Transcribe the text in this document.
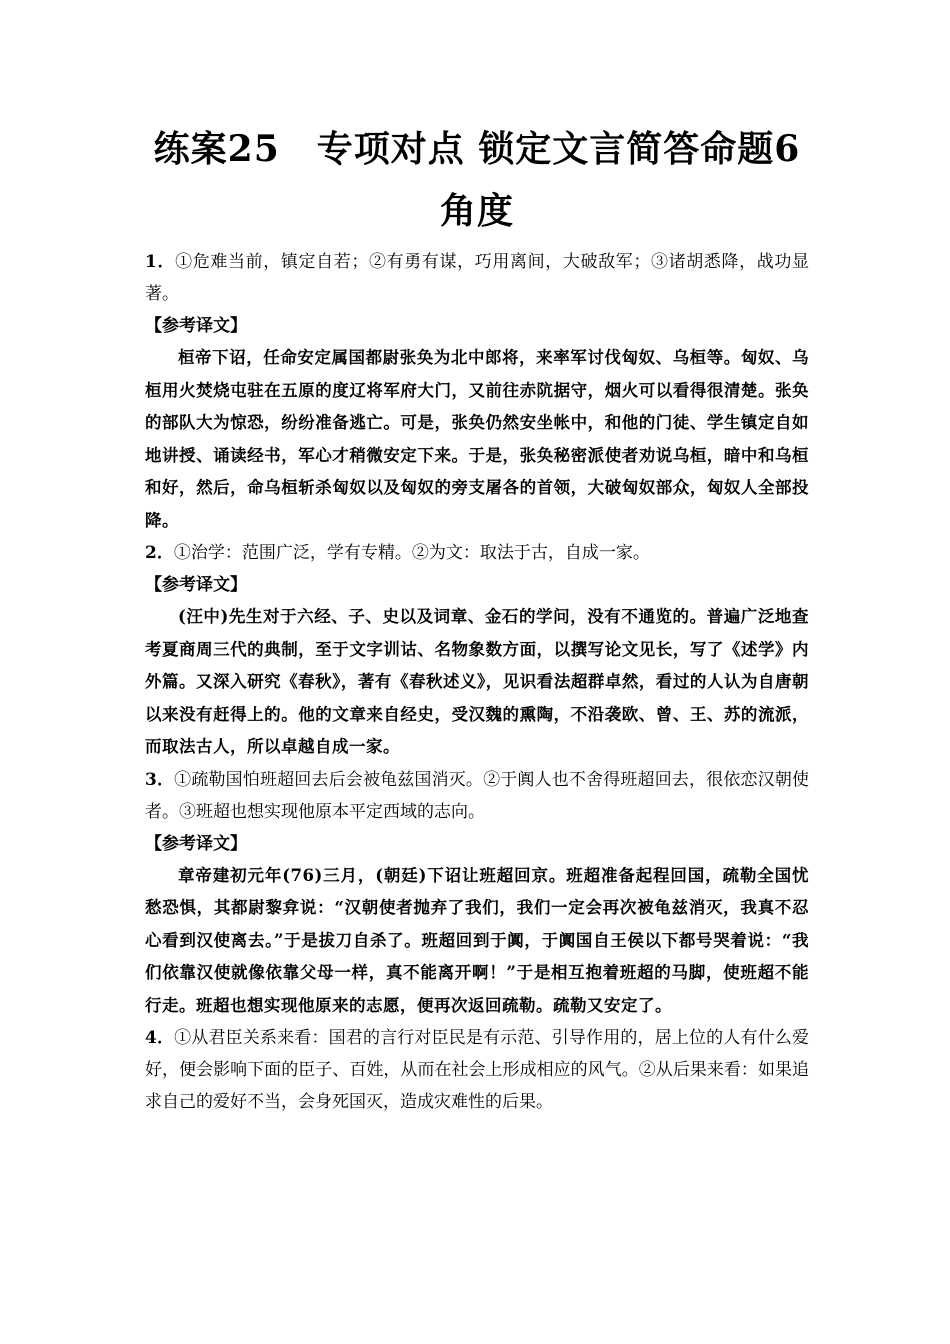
练案25　专项对点 锁定文言简答命题6角度

1．①危难当前，镇定自若；②有勇有谋，巧用离间，大破敌军；③诸胡悉降，战功显著。

【参考译文】

桓帝下诏，任命安定属国都尉张奂为北中郎将，来率军讨伐匈奴、乌桓等。匈奴、乌桓用火焚烧屯驻在五原的度辽将军府大门，又前往赤阬据守，烟火可以看得很清楚。张奂的部队大为惊恐，纷纷准备逃亡。可是，张奂仍然安坐帐中，和他的门徒、学生镇定自如地讲授、诵读经书，军心才稍微安定下来。于是，张奂秘密派使者劝说乌桓，暗中和乌桓和好，然后，命乌桓斩杀匈奴以及匈奴的旁支屠各的首领，大破匈奴部众，匈奴人全部投降。

2．①治学：范围广泛，学有专精。②为文：取法于古，自成一家。

【参考译文】

(汪中)先生对于六经、子、史以及词章、金石的学问，没有不通览的。普遍广泛地查考夏商周三代的典制，至于文字训诂、名物象数方面，以撰写论文见长，写了《述学》内外篇。又深入研究《春秋》，著有《春秋述义》，见识看法超群卓然，看过的人认为自唐朝以来没有赶得上的。他的文章来自经史，受汉魏的熏陶，不沿袭欧、曾、王、苏的流派，而取法古人，所以卓越自成一家。

3．①疏勒国怕班超回去后会被龟兹国消灭。②于阗人也不舍得班超回去，很依恋汉朝使者。③班超也想实现他原本平定西域的志向。

【参考译文】

章帝建初元年(76)三月，(朝廷)下诏让班超回京。班超准备起程回国，疏勒全国忧愁恐惧，其都尉黎弇说：“汉朝使者抛弃了我们，我们一定会再次被龟兹消灭，我真不忍心看到汉使离去。”于是拔刀自杀了。班超回到于阗，于阗国自王侯以下都号哭着说：“我们依靠汉使就像依靠父母一样，真不能离开啊！”于是相互抱着班超的马脚，使班超不能行走。班超也想实现他原来的志愿，便再次返回疏勒。疏勒又安定了。

4．①从君臣关系来看：国君的言行对臣民是有示范、引导作用的，居上位的人有什么爱好，便会影响下面的臣子、百姓，从而在社会上形成相应的风气。②从后果来看：如果追求自己的爱好不当，会身死国灭，造成灾难性的后果。
